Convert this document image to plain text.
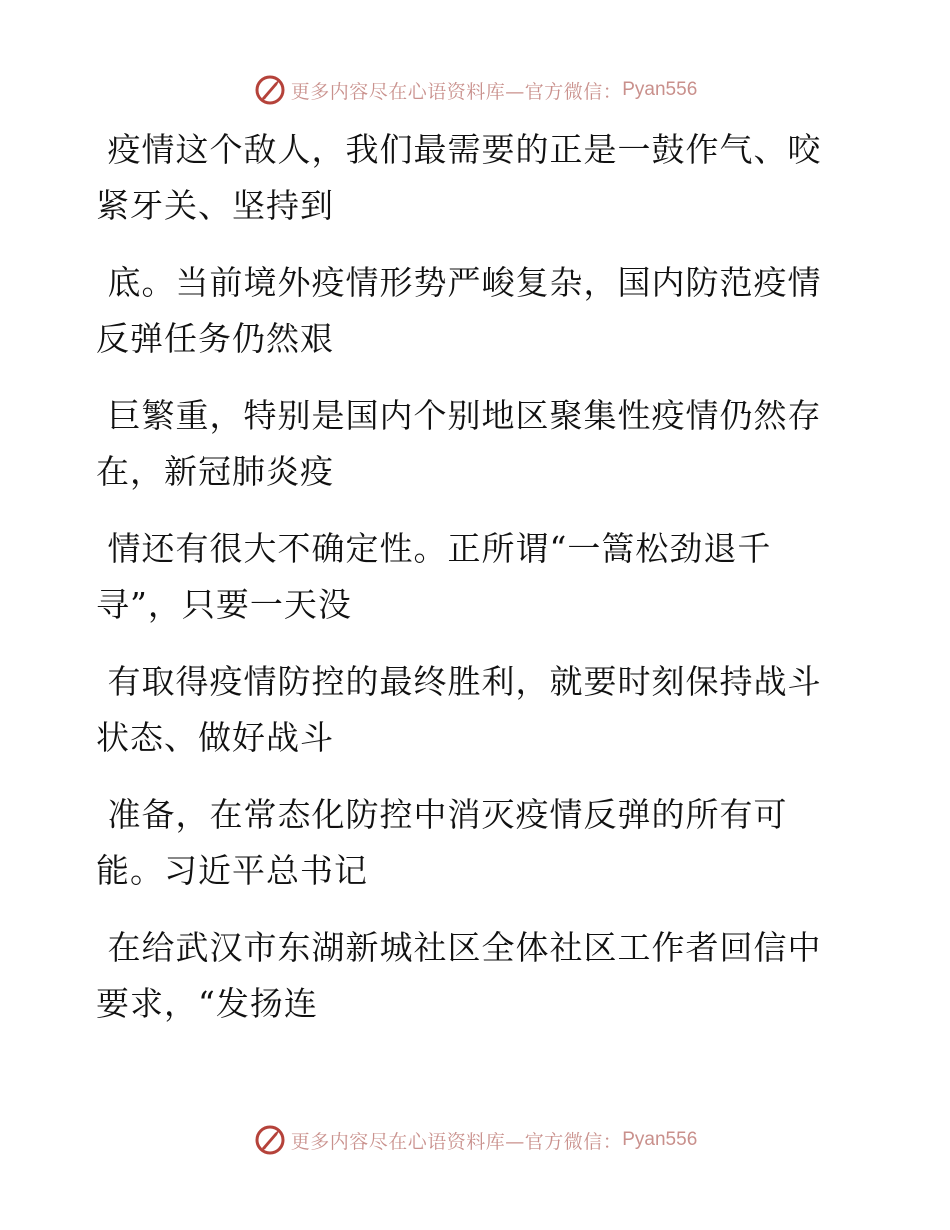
更多内容尽在心语资料库—官方微信： Pyan556

疫情这个敌人，我们最需要的正是一鼓作气、咬紧牙关、坚持到

底。当前境外疫情形势严峻复杂，国内防范疫情反弹任务仍然艰

巨繁重，特别是国内个别地区聚集性疫情仍然存在，新冠肺炎疫

情还有很大不确定性。正所谓“一篙松劲退千寻”，只要一天没

有取得疫情防控的最终胜利，就要时刻保持战斗状态、做好战斗

准备，在常态化防控中消灭疫情反弹的所有可能。习近平总书记

在给武汉市东湖新城社区全体社区工作者回信中要求，“发扬连

更多内容尽在心语资料库—官方微信： Pyan556
